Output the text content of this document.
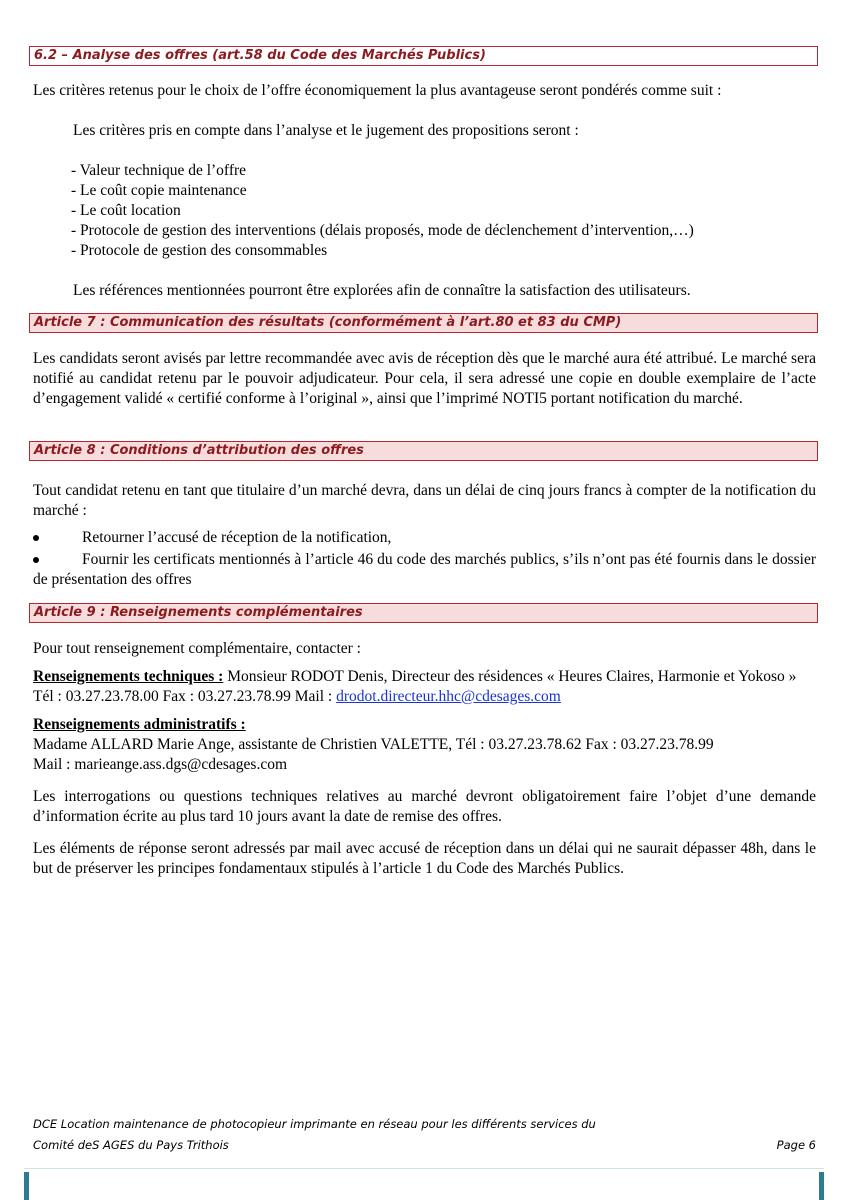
6.2 – Analyse des offres (art.58 du Code des Marchés Publics)
Les critères retenus pour le choix de l’offre économiquement la plus avantageuse seront pondérés comme suit :
Les critères pris en compte dans l’analyse et le jugement des propositions seront :
- Valeur technique de l’offre
- Le coût copie maintenance
- Le coût location
- Protocole de gestion des interventions (délais proposés, mode de déclenchement d’intervention,…)
- Protocole de gestion des consommables
Les références mentionnées pourront être explorées afin de connaître la satisfaction des utilisateurs.
Article 7 : Communication des résultats (conformément à l’art.80 et 83 du CMP)
Les candidats seront avisés par lettre recommandée avec avis de réception dès que le marché aura été attribué. Le marché sera notifié au candidat retenu par le pouvoir adjudicateur. Pour cela, il sera adressé une copie en double exemplaire de l’acte d’engagement validé « certifié conforme à l’original », ainsi que l’imprimé NOTI5 portant notification du marché.
Article 8 : Conditions d’attribution des offres
Tout candidat retenu en tant que titulaire d’un marché devra, dans un délai de cinq jours francs à compter de la notification du marché :
Retourner l’accusé de réception de la notification,
Fournir les certificats mentionnés à l’article 46 du code des marchés publics, s’ils n’ont pas été fournis dans le dossier de présentation des offres
Article 9 : Renseignements complémentaires
Pour tout renseignement complémentaire, contacter :
Renseignements techniques : Monsieur RODOT Denis, Directeur des résidences « Heures Claires, Harmonie et Yokoso » Tél : 03.27.23.78.00 Fax : 03.27.23.78.99 Mail : drodot.directeur.hhc@cdesages.com
Renseignements administratifs :
Madame ALLARD Marie Ange, assistante de Christien VALETTE, Tél : 03.27.23.78.62 Fax : 03.27.23.78.99
Mail : marieange.ass.dgs@cdesages.com
Les interrogations ou questions techniques relatives au marché devront obligatoirement faire l’objet d’une demande d’information écrite au plus tard 10 jours avant la date de remise des offres.
Les éléments de réponse seront adressés par mail avec accusé de réception dans un délai qui ne saurait dépasser 48h, dans le but de préserver les principes fondamentaux stipulés à l’article 1 du Code des Marchés Publics.
DCE Location maintenance de photocopieur imprimante en réseau pour les différents services du
Comité deS AGES du Pays Trithois	Page 6
